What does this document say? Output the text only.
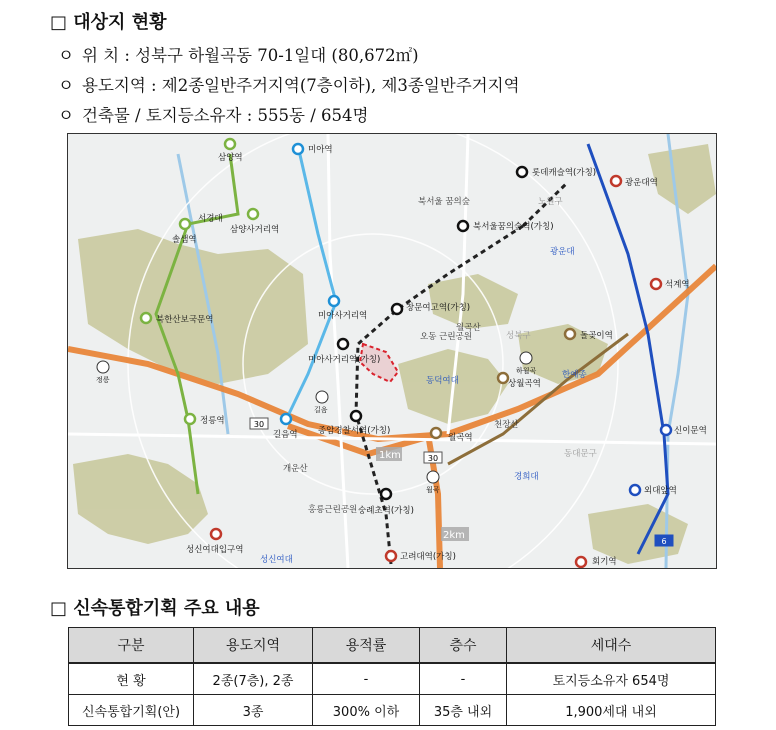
□ 대상지 현황
ㅇ 위 치 : 성북구 하월곡동 70-1일대 (80,672㎡)
ㅇ 용도지역 : 제2종일반주거지역(7층이하), 제3종일반주거지역
ㅇ 건축물 / 토지등소유자 : 555동 / 654명
미아역
삼양역
서경대
솔샘역
삼양사거리역
북한산보국문역
정릉역
미아사거리역
미아사거리역(가칭)
길음역 종암경찰서역(가칭)
창문여고역(가칭)
북서울꿈의숲역(가칭)
롯데캐슬역(가칭)
광운대역
석계역
돌곶이역
상월곡역
월곡역
신이문역
외대앞역
숭례초역(가칭)
고려대역(가칭)	회기역
성신여대입구역
북서울 꿈의숲	노원구
광운대
오동 근린공원
월곡산
성북구
동덕여대
한예종
천장산
동대문구
경희대
개운산
홍릉근린공원
성신여대
정릉
길음
하월곡
월곡
30
30
6
1km
2km
□ 신속통합기획 주요 내용
구분	용도지역	용적률	층수	세대수
현 황	2종(7층), 2종	-	-	토지등소유자 654명
신속통합기획(안)	3종	300% 이하	35층 내외	1,900세대 내외
